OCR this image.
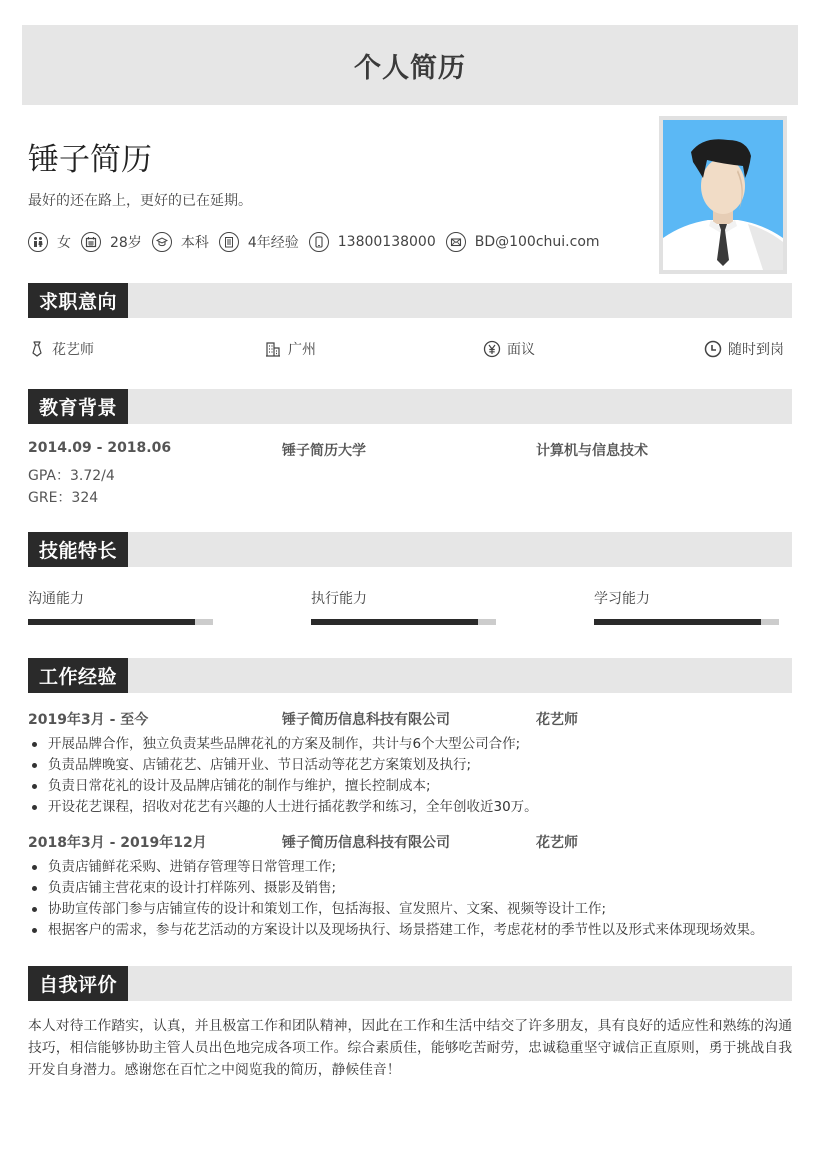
个人简历
锤子简历
最好的还在路上，更好的已在延期。
女	28岁	本科	4年经验	13800138000	BD@100chui.com
求职意向
花艺师	广州	面议	随时到岗
教育背景
2014.09 - 2018.06	锤子简历大学	计算机与信息技术
GPA：3.72/4
GRE：324
技能特长
沟通能力	执行能力	学习能力
工作经验
2019年3月 - 至今	锤子简历信息科技有限公司	花艺师
开展品牌合作，独立负责某些品牌花礼的方案及制作，共计与6个大型公司合作;
负责品牌晚宴、店铺花艺、店铺开业、节日活动等花艺方案策划及执行;
负责日常花礼的设计及品牌店铺花的制作与维护，擅长控制成本;
开设花艺课程，招收对花艺有兴趣的人士进行插花教学和练习，全年创收近30万。
2018年3月 - 2019年12月	锤子简历信息科技有限公司	花艺师
负责店铺鲜花采购、进销存管理等日常管理工作;
负责店铺主营花束的设计打样陈列、摄影及销售;
协助宣传部门参与店铺宣传的设计和策划工作，包括海报、宣发照片、文案、视频等设计工作;
根据客户的需求，参与花艺活动的方案设计以及现场执行、场景搭建工作，考虑花材的季节性以及形式来体现现场效果。
自我评价

本人对待工作踏实，认真，并且极富工作和团队精神，因此在工作和生活中结交了许多朋友，具有良好的适应性和熟练的沟通技巧，相信能够协助主管人员出色地完成各项工作。综合素质佳，能够吃苦耐劳，忠诚稳重坚守诚信正直原则，勇于挑战自我开发自身潜力。感谢您在百忙之中阅览我的简历，静候佳音！
